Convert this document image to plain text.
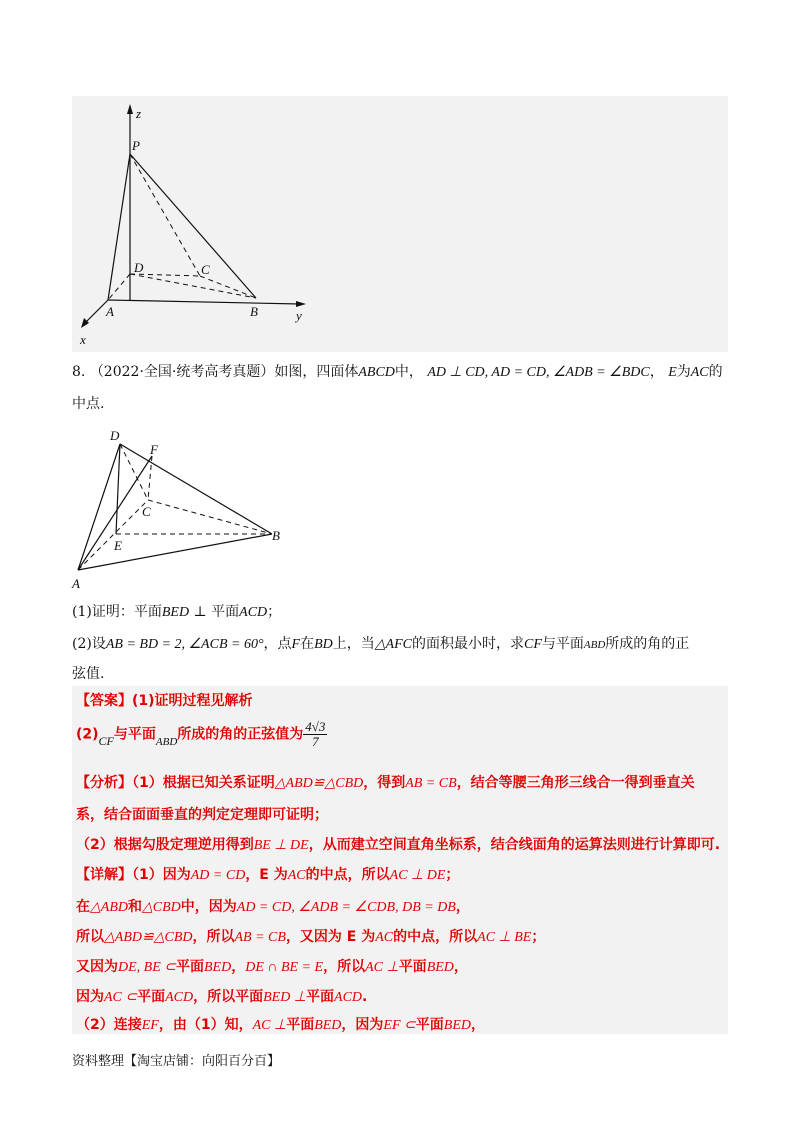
z
P
D	C
A	B	y
x
8. （2022·全国·统考高考真题）如图，四面体ABCD中， AD ⊥ CD, AD = CD, ∠ADB = ∠BDC， E为AC的
中点.
D
F
C
E
B
A
(1)证明：平面BED ⊥ 平面ACD；
(2)设AB = BD = 2, ∠ACB = 60°，点F在BD上，当△AFC的面积最小时，求CF与平面ABD所成的角的正
弦值.
【答案】(1)证明过程见解析
(2)CF与平面$_{ABD}$所成的角的正弦值为 $\frac{4√3}{7}$
【分析】（1）根据已知关系证明△ABD≌△CBD，得到AB = CB，结合等腰三角形三线合一得到垂直关
系，结合面面垂直的判定定理即可证明；
（2）根据勾股定理逆用得到BE ⊥ DE，从而建立空间直角坐标系，结合线面角的运算法则进行计算即可.
【详解】（1）因为AD = CD，E 为AC的中点，所以AC ⊥ DE；
在△ABD和△CBD中，因为AD = CD, ∠ADB = ∠CDB, DB = DB，
所以△ABD≌△CBD，所以AB = CB，又因为 E 为AC的中点，所以AC ⊥ BE；
又因为DE, BE ⊂平面BED，DE ∩ BE = E，所以AC ⊥平面BED，
因为AC ⊂平面ACD，所以平面BED ⊥平面ACD.
（2）连接EF，由（1）知，AC ⊥平面BED，因为EF ⊂平面BED，
资料整理【淘宝店铺：向阳百分百】
